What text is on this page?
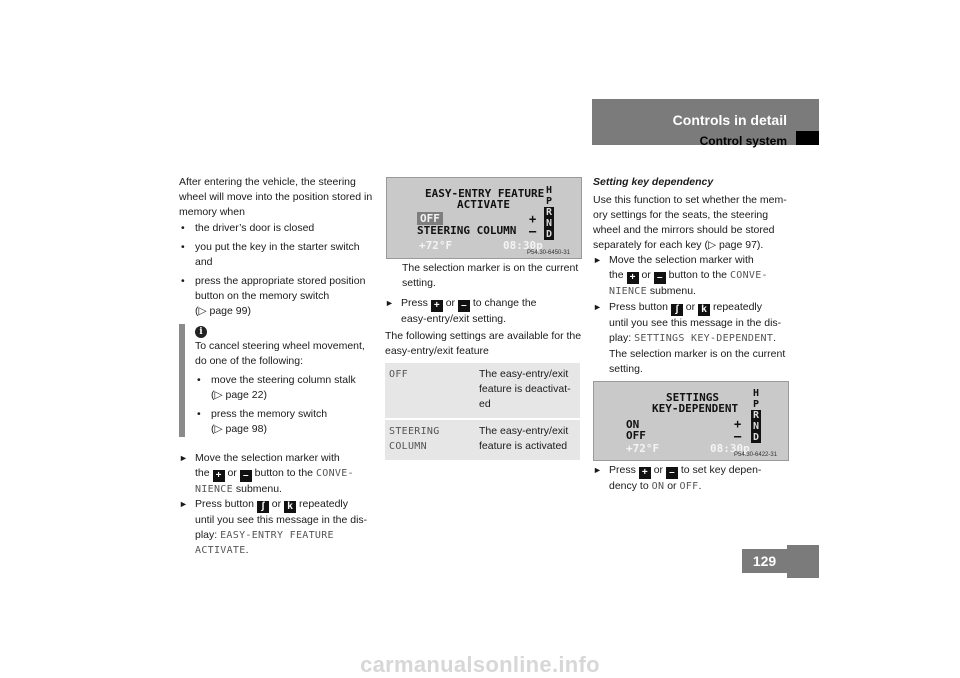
Controls in detail
Control system
129
After entering the vehicle, the steering
wheel will move into the position stored in
memory when
• the driver’s door is closed
• you put the key in the starter switch
and
• press the appropriate stored position
button on the memory switch
(▷ page 99)
i
To cancel steering wheel movement,
do one of the following:
• move the steering column stalk
(▷ page 22)
• press the memory switch
(▷ page 98)
► Move the selection marker with
the + or – button to the CONVE-
NIENCE submenu.
► Press button ʃ or k repeatedly
until you see this message in the dis-
play: EASY-ENTRY FEATURE ACTIVATE.
EASY-ENTRY FEATURE
ACTIVATE
OFF
STEERING COLUMN
+
–
+72°F	08:30p
H
P
R
N
D
P54.30-6450-31
The selection marker is on the current
setting.
► Press + or – to change the
easy-entry/exit setting.
The following settings are available for the
easy-entry/exit feature
OFF	The easy-entry/exit
feature is deactivat-
ed

STEERING COLUMN	The easy-entry/exit
feature is activated
Setting key dependency
Use this function to set whether the mem-
ory settings for the seats, the steering
wheel and the mirrors should be stored
separately for each key (▷ page 97).
► Move the selection marker with
the + or – button to the CONVE-
NIENCE submenu.
► Press button ʃ or k repeatedly
until you see this message in the dis-
play: SETTINGS KEY-DEPENDENT.
The selection marker is on the current
setting.
SETTINGS
KEY-DEPENDENT
ON
OFF
+
–
+72°F	08:30p
H
P
R
N
D
P54.30-6422-31
► Press + or – to set key depen-
dency to ON or OFF.
carmanualsonline.info
